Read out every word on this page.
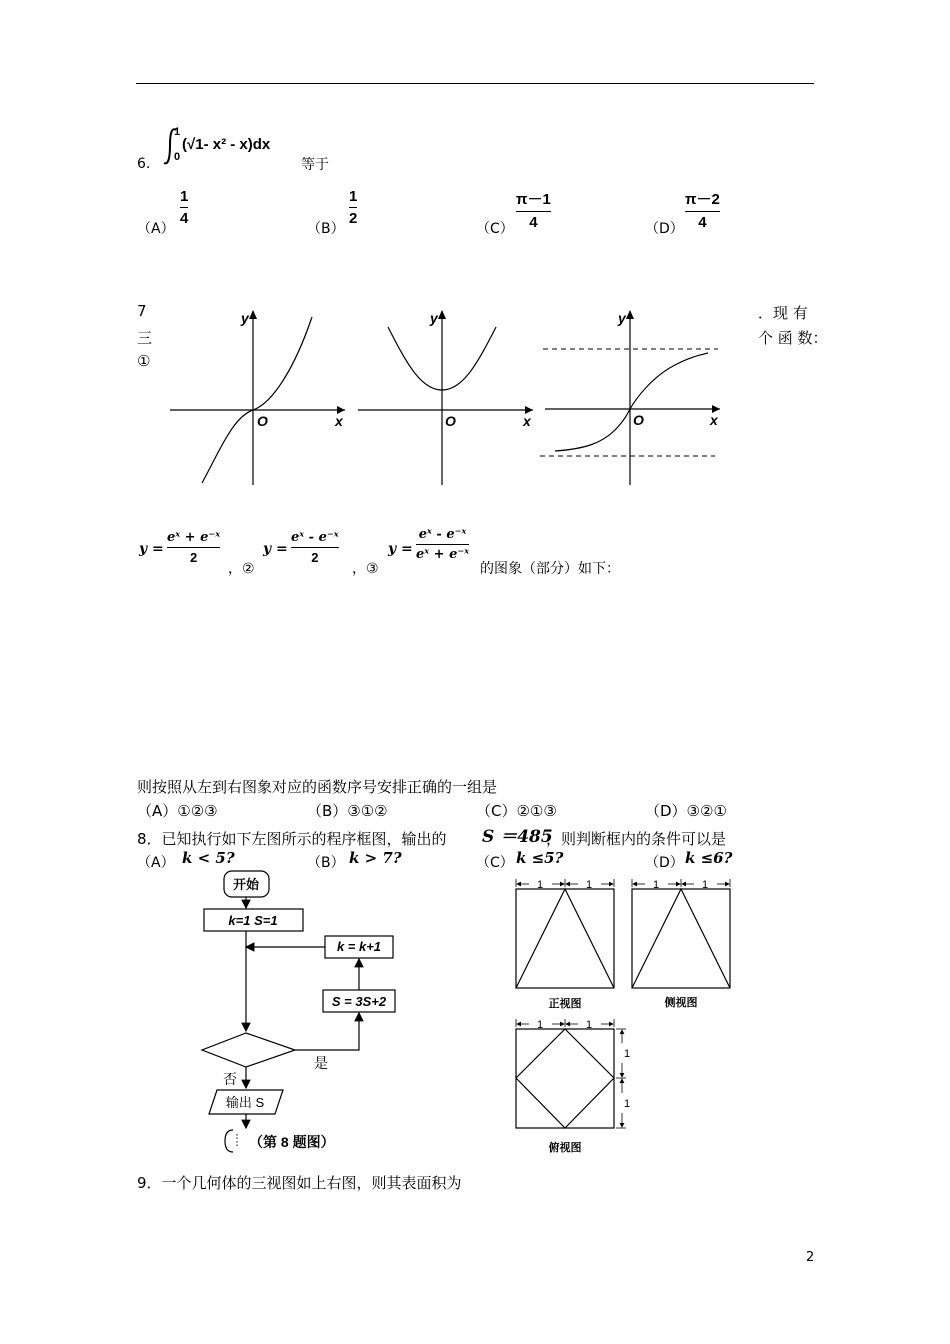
6.
1
0
(√1- x² - x)dx
等于
（A）
1
4
（B）
1
2
（C）
π－1
4	（D）
π－2
4
7
三
①
．现 有
个 函 数：
y
O	x
y
O	x
y
O	x
y =
eˣ + e⁻ˣ
2
，②
y =
eˣ - e⁻ˣ
2
，③
y =
eˣ - e⁻ˣ
eˣ + e⁻ˣ
的图象（部分）如下：
则按照从左到右图象对应的函数序号安排正确的一组是
（A）①②③	（B）③①②	（C）②①③	（D）③②①
8．已知执行如下左图所示的程序框图，输出的 S ＝485
，则判断框内的条件可以是
（A） k < 5?	（B） k > 7?	（C） k ≤5?	（D） k ≤6?
开始
k=1 S=1
k = k+1
S = 3S+2
是
否
输出 S
（第 8 题图）
1	1
正视图
1	1
侧视图
1	1
1
1
俯视图
9．一个几何体的三视图如上右图，则其表面积为
2
